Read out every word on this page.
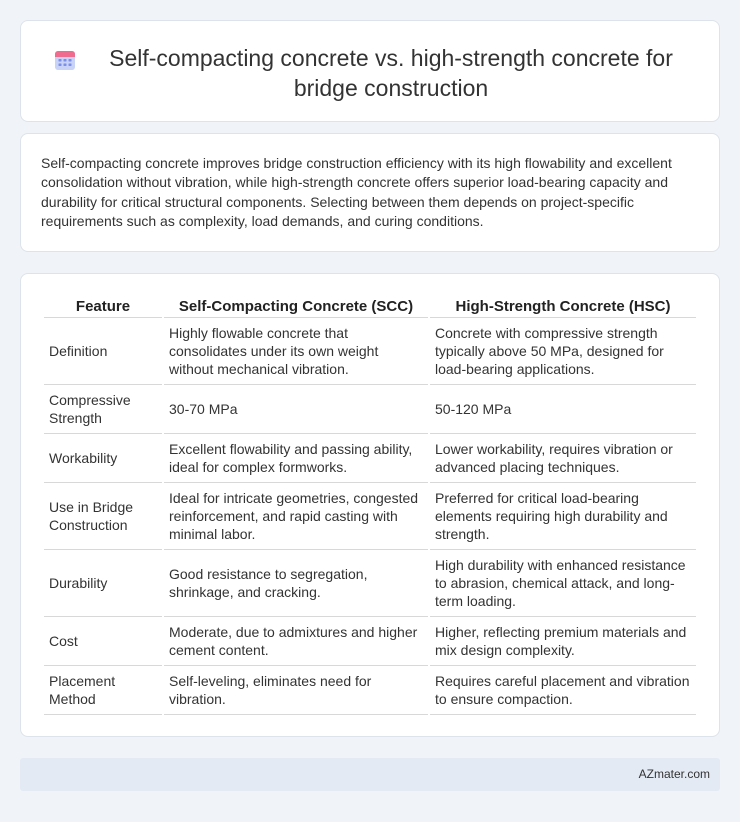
Self-compacting concrete vs. high-strength concrete for bridge construction

Self-compacting concrete improves bridge construction efficiency with its high flowability and excellent consolidation without vibration, while high-strength concrete offers superior load-bearing capacity and durability for critical structural components. Selecting between them depends on project-specific requirements such as complexity, load demands, and curing conditions.

Feature	Self-Compacting Concrete (SCC)	High-Strength Concrete (HSC)
Definition	Highly flowable concrete that consolidates under its own weight without mechanical vibration.	Concrete with compressive strength typically above 50 MPa, designed for load-bearing applications.
Compressive Strength	30-70 MPa	50-120 MPa
Workability	Excellent flowability and passing ability, ideal for complex formworks.	Lower workability, requires vibration or advanced placing techniques.
Use in Bridge Construction	Ideal for intricate geometries, congested reinforcement, and rapid casting with minimal labor.	Preferred for critical load-bearing elements requiring high durability and strength.
Durability	Good resistance to segregation, shrinkage, and cracking.	High durability with enhanced resistance to abrasion, chemical attack, and long-term loading.
Cost	Moderate, due to admixtures and higher cement content.	Higher, reflecting premium materials and mix design complexity.
Placement Method	Self-leveling, eliminates need for vibration.	Requires careful placement and vibration to ensure compaction.
AZmater.com
